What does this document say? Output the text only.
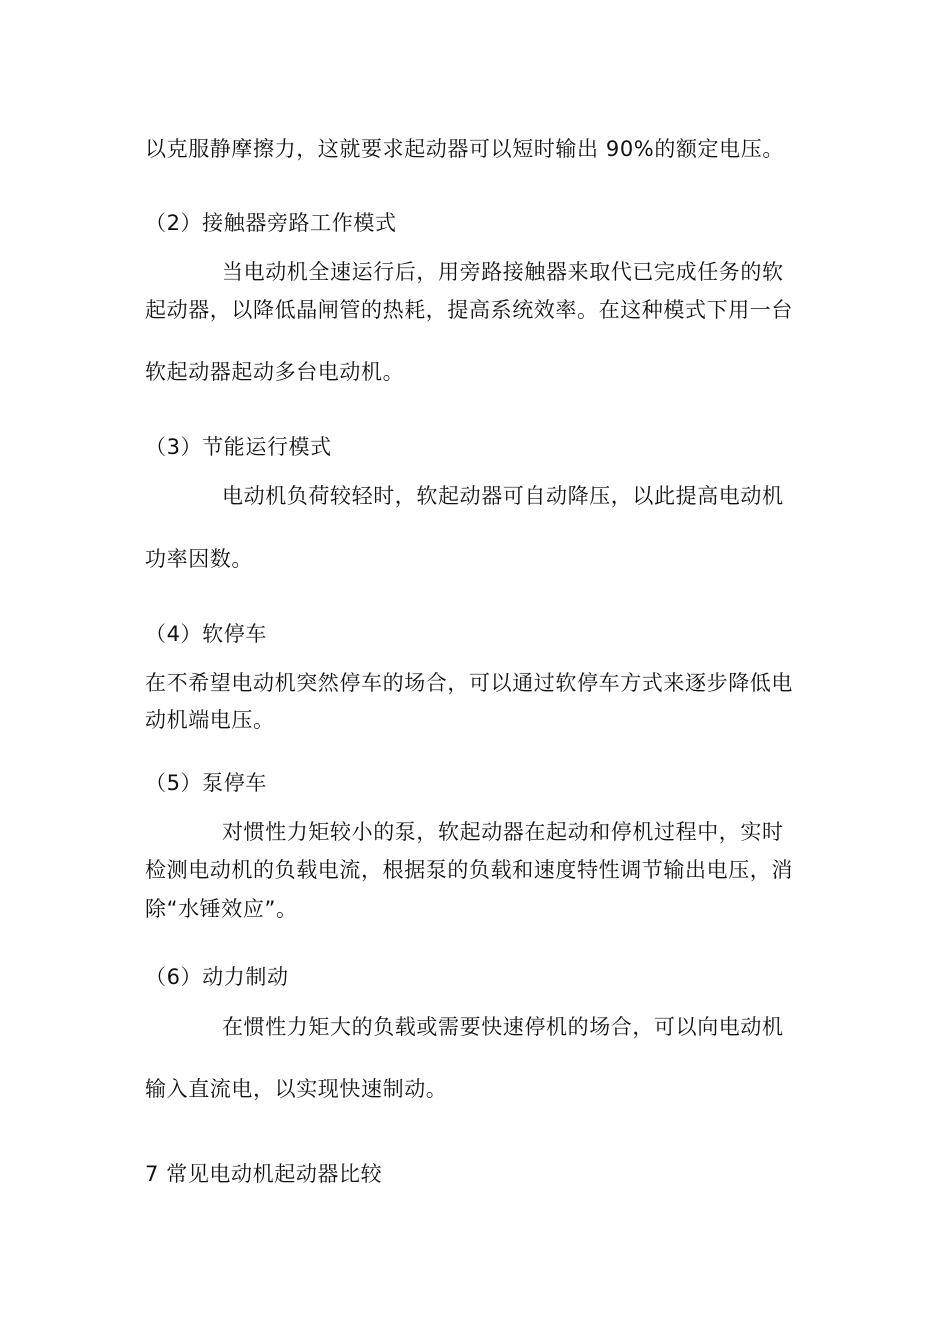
以克服静摩擦力，这就要求起动器可以短时输出 90%的额定电压。
（2）接触器旁路工作模式
当电动机全速运行后，用旁路接触器来取代已完成任务的软
起动器，以降低晶闸管的热耗，提高系统效率。在这种模式下用一台
软起动器起动多台电动机。
（3）节能运行模式
电动机负荷较轻时，软起动器可自动降压，以此提高电动机
功率因数。
（4）软停车
在不希望电动机突然停车的场合，可以通过软停车方式来逐步降低电
动机端电压。
（5）泵停车
对惯性力矩较小的泵，软起动器在起动和停机过程中，实时
检测电动机的负载电流，根据泵的负载和速度特性调节输出电压，消
除“水锤效应”。
（6）动力制动
在惯性力矩大的负载或需要快速停机的场合，可以向电动机
输入直流电，以实现快速制动。
7 常见电动机起动器比较
